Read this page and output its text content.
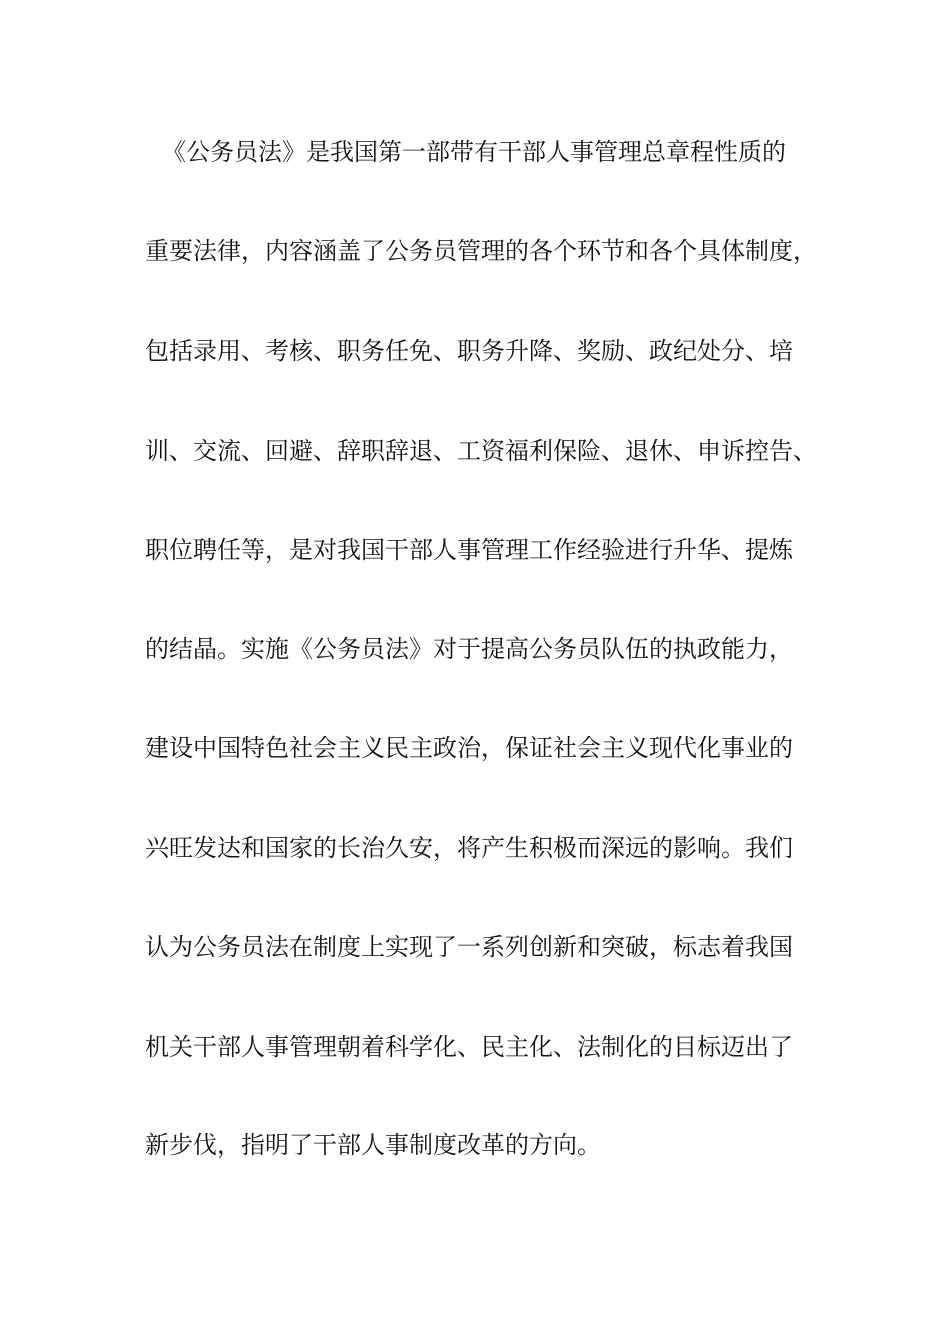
《公务员法》是我国第一部带有干部人事管理总章程性质的

重要法律，内容涵盖了公务员管理的各个环节和各个具体制度，

包括录用、考核、职务任免、职务升降、奖励、政纪处分、培

训、交流、回避、辞职辞退、工资福利保险、退休、申诉控告、

职位聘任等，是对我国干部人事管理工作经验进行升华、提炼

的结晶。实施《公务员法》对于提高公务员队伍的执政能力，

建设中国特色社会主义民主政治，保证社会主义现代化事业的

兴旺发达和国家的长治久安，将产生积极而深远的影响。我们

认为公务员法在制度上实现了一系列创新和突破，标志着我国

机关干部人事管理朝着科学化、民主化、法制化的目标迈出了

新步伐，指明了干部人事制度改革的方向。
